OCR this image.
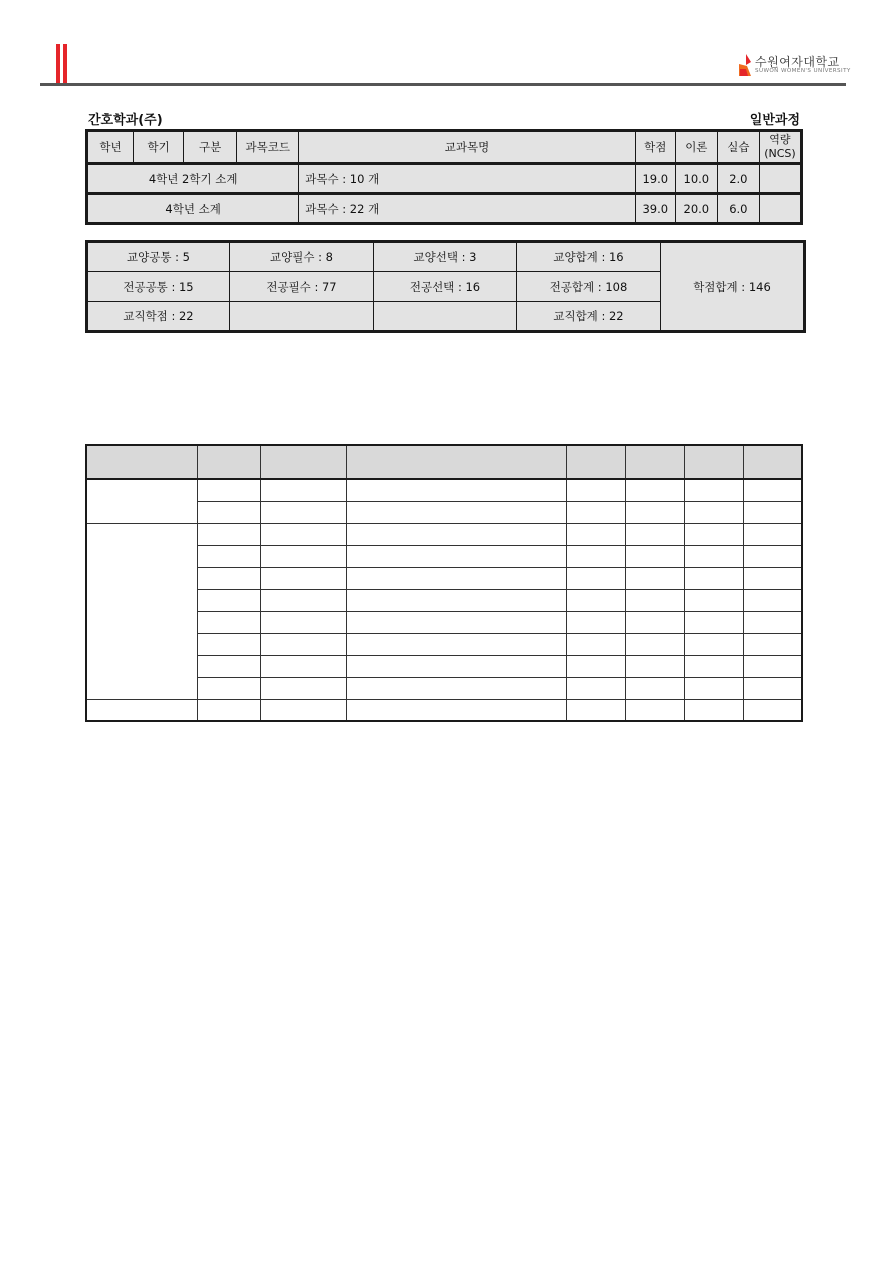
수원여자대학교
SUWON WOMEN'S UNIVERSITY
간호학과(주)	일반과정
학년	학기	구분	과목코드	교과목명	학점	이론	실습	역량
(NCS)
4학년 2학기 소계				과목수 : 10 개	19.0	10.0	2.0	
4학년 소계				과목수 : 22 개	39.0	20.0	6.0	
교양공통 : 5	교양필수 : 8	교양선택 : 3	교양합계 : 16	학점합계 : 146
전공공통 : 15	전공필수 : 77	전공선택 : 16	전공합계 : 108	
교직학점 : 22			교직합계 : 22	
